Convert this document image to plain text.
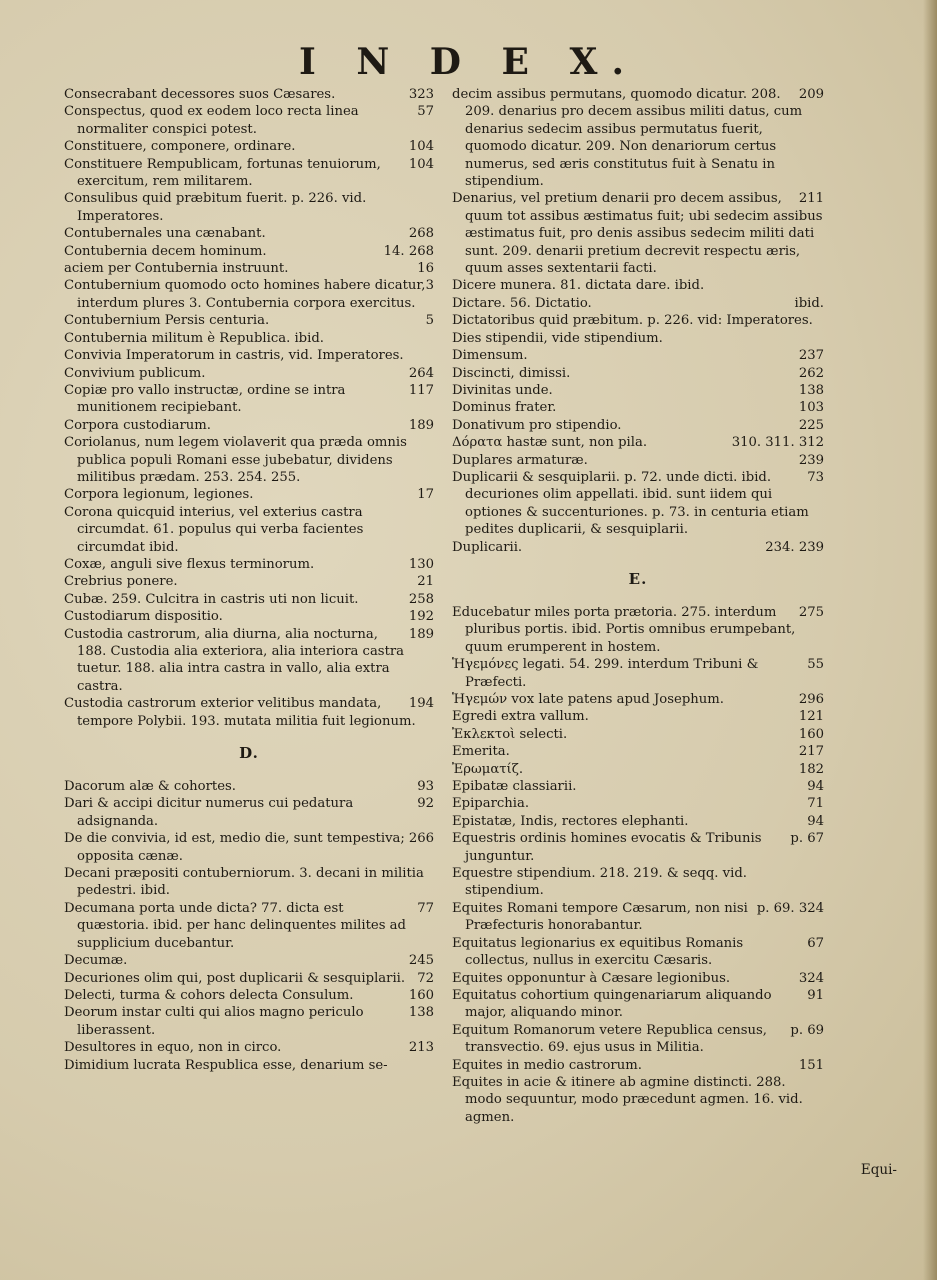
I N D E X.
323
Consecrabant decessores suos Cæsares.
57
Conspectus, quod ex eodem loco recta linea normaliter conspici potest.
104
Constituere, componere, ordinare.
104
Constituere Rempublicam, fortunas tenuiorum, exercitum, rem militarem.
Consulibus quid præbitum fuerit. p. 226. vid. Imperatores.
268
Contubernales una cænabant.
14. 268
Contubernia decem hominum.
16
aciem per Contubernia instruunt.
3
Contubernium quomodo octo homines habere dicatur, interdum plures 3. Contubernia corpora exercitus.
5
Contubernium Persis centuria.
Contubernia militum è Republica. ibid.
Convivia Imperatorum in castris, vid. Imperatores.
264
Convivium publicum.
117
Copiæ pro vallo instructæ, ordine se intra munitionem recipiebant.
189
Corpora custodiarum.
Coriolanus, num legem violaverit qua præda omnis publica populi Romani esse jubebatur, dividens militibus prædam. 253. 254. 255.
17
Corpora legionum, legiones.
Corona quicquid interius, vel exterius castra circumdat. 61. populus qui verba facientes circumdat ibid.
130
Coxæ, anguli sive flexus terminorum.
21
Crebrius ponere.
258
Cubæ. 259. Culcitra in castris uti non licuit.
192
Custodiarum dispositio.
189
Custodia castrorum, alia diurna, alia nocturna, 188. Custodia alia exteriora, alia interiora castra tuetur. 188. alia intra castra in vallo, alia extra castra.
194
Custodia castrorum exterior velitibus mandata, tempore Polybii. 193. mutata militia fuit legionum.
D.
93
Dacorum alæ & cohortes.
92
Dari & accipi dicitur numerus cui pedatura adsignanda.
266
De die convivia, id est, medio die, sunt tempestiva; opposita cænæ.
Decani præpositi contuberniorum. 3. decani in militia pedestri. ibid.
77
Decumana porta unde dicta? 77. dicta est quæstoria. ibid. per hanc delinquentes milites ad supplicium ducebantur.
245
Decumæ.
72
Decuriones olim qui, post duplicarii & sesquiplarii.
160
Delecti, turma & cohors delecta Consulum.
138
Deorum instar culti qui alios magno periculo liberassent.
213
Desultores in equo, non in circo.
Dimidium lucrata Respublica esse, denarium se-
209
decim assibus permutans, quomodo dicatur. 208. 209. denarius pro decem assibus militi datus, cum denarius sedecim assibus permutatus fuerit, quomodo dicatur. 209. Non denariorum certus numerus, sed æris constitutus fuit à Senatu in stipendium.
211
Denarius, vel pretium denarii pro decem assibus, quum tot assibus æstimatus fuit; ubi sedecim assibus æstimatus fuit, pro denis assibus sedecim militi dati sunt. 209. denarii pretium decrevit respectu æris, quum asses sextentarii facti.
Dicere munera. 81. dictata dare. ibid.
ibid.
Dictare. 56. Dictatio.
Dictatoribus quid præbitum. p. 226. vid: Imperatores.
Dies stipendii, vide stipendium.
237
Dimensum.
262
Discincti, dimissi.
138
Divinitas unde.
103
Dominus frater.
225
Donativum pro stipendio.
310. 311. 312
Δόρατα hastæ sunt, non pila.
239
Duplares armaturæ.
73
Duplicarii & sesquiplarii. p. 72. unde dicti. ibid. decuriones olim appellati. ibid. sunt iidem qui optiones & succenturiones. p. 73. in centuria etiam pedites duplicarii, & sesquiplarii.
234. 239
Duplicarii.
E.
275
Educebatur miles porta prætoria. 275. interdum pluribus portis. ibid. Portis omnibus erumpebant, quum erumperent in hostem.
55
Ἡγεμόνες legati. 54. 299. interdum Tribuni & Præfecti.
296
Ἡγεμών vox late patens apud Josephum.
121
Egredi extra vallum.
160
Ἐκλεκτοὶ selecti.
217
Emerita.
182
Ἐρωματίζ.
94
Epibatæ classiarii.
71
Epiparchia.
94
Epistatæ, Indis, rectores elephanti.
p. 67
Equestris ordinis homines evocatis & Tribunis junguntur.
Equestre stipendium. 218. 219. & seqq. vid. stipendium.
p. 69. 324
Equites Romani tempore Cæsarum, non nisi Præfecturis honorabantur.
67
Equitatus legionarius ex equitibus Romanis collectus, nullus in exercitu Cæsaris.
324
Equites opponuntur à Cæsare legionibus.
91
Equitatus cohortium quingenariarum aliquando major, aliquando minor.
p. 69
Equitum Romanorum vetere Republica census, transvectio. 69. ejus usus in Militia.
151
Equites in medio castrorum.
Equites in acie & itinere ab agmine distincti. 288. modo sequuntur, modo præcedunt agmen. 16. vid. agmen.
Equi-
